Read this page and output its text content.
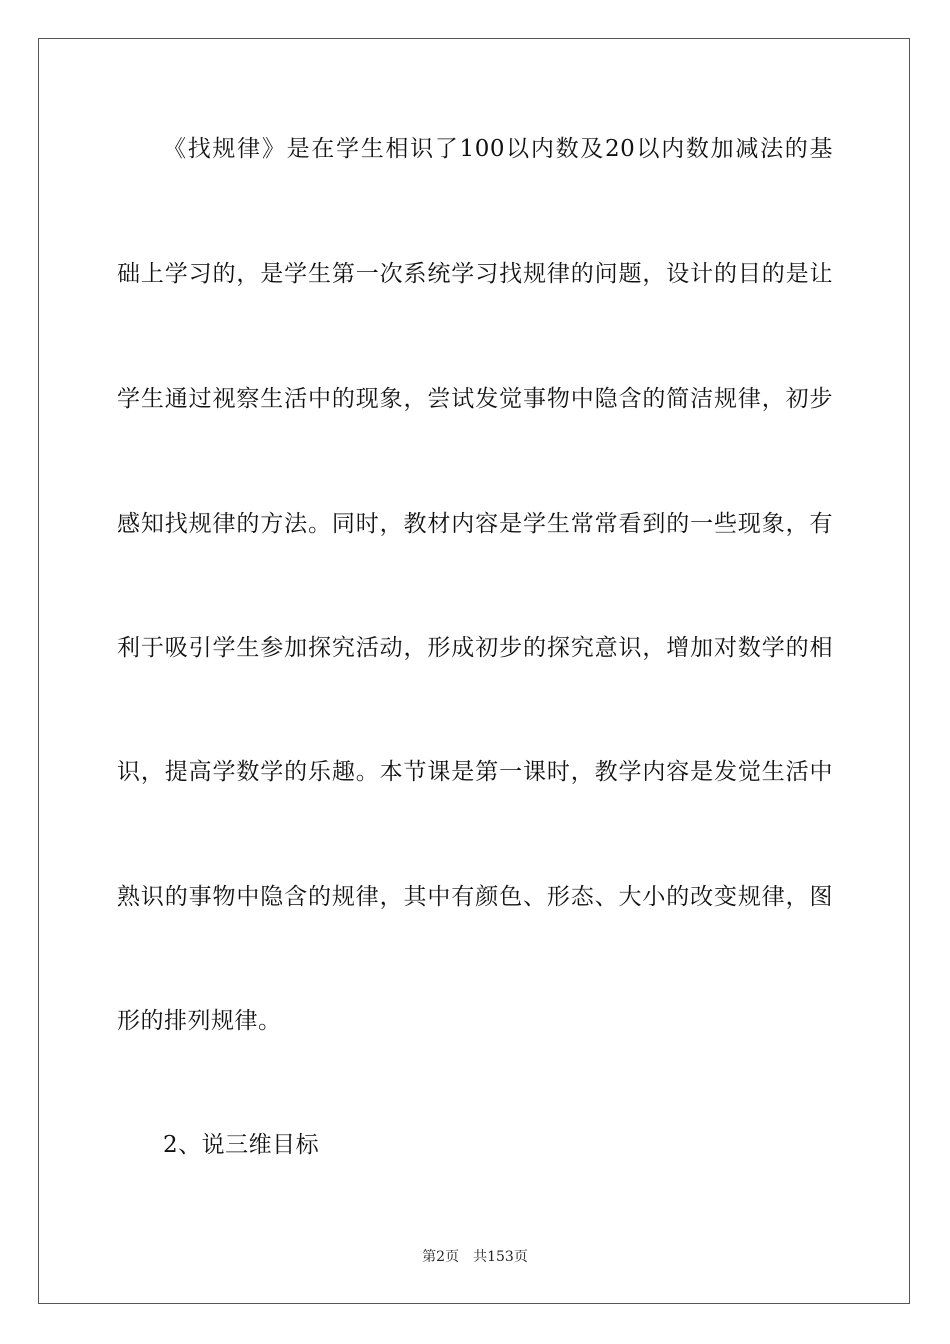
《找规律》是在学生相识了100以内数及20以内数加减法的基
础上学习的，是学生第一次系统学习找规律的问题，设计的目的是让
学生通过视察生活中的现象，尝试发觉事物中隐含的简洁规律，初步
感知找规律的方法。同时，教材内容是学生常常看到的一些现象，有
利于吸引学生参加探究活动，形成初步的探究意识，增加对数学的相
识，提高学数学的乐趣。本节课是第一课时，教学内容是发觉生活中
熟识的事物中隐含的规律，其中有颜色、形态、大小的改变规律，图
形的排列规律。
2、说三维目标
第2页 共153页
